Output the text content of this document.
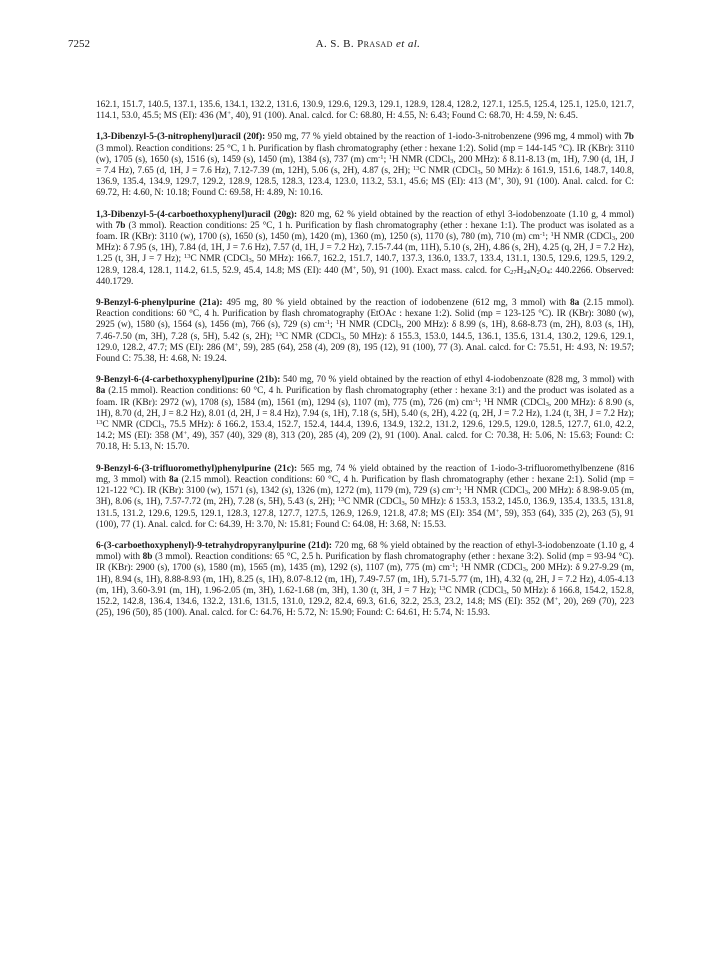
7252	A. S. B. Prasad et al.

162.1, 151.7, 140.5, 137.1, 135.6, 134.1, 132.2, 131.6, 130.9, 129.6, 129.3, 129.1, 128.9, 128.4, 128.2, 127.1, 125.5, 125.4, 125.1, 125.0, 121.7, 114.1, 53.0, 45.5; MS (EI): 436 (M+, 40), 91 (100). Anal. calcd. for C: 68.80, H: 4.55, N: 6.43; Found C: 68.70, H: 4.59, N: 6.45.

1,3-Dibenzyl-5-(3-nitrophenyl)uracil (20f): 950 mg, 77 % yield obtained by the reaction of 1-iodo-3-nitrobenzene (996 mg, 4 mmol) with 7b (3 mmol). Reaction conditions: 25 °C, 1 h. Purification by flash chromatography (ether : hexane 1:2). Solid (mp = 144-145 °C). IR (KBr): 3110 (w), 1705 (s), 1650 (s), 1516 (s), 1459 (s), 1450 (m), 1384 (s), 737 (m) $cm^{-1}$; $^1$H NMR (CDCl$_3$, 200 MHz): δ 8.11-8.13 (m, 1H), 7.90 (d, 1H, J = 7.4 Hz), 7.65 (d, 1H, J = 7.6 Hz), 7.12-7.39 (m, 12H), 5.06 (s, 2H), 4.87 (s, 2H); $^{13}$C NMR (CDCl$_3$, 50 MHz): δ 161.9, 151.6, 148.7, 140.8, 136.9, 135.4, 134.9, 129.7, 129.2, 128.9, 128.5, 128.3, 123.4, 123.0, 113.2, 53.1, 45.6; MS (EI): 413 (M+, 30), 91 (100). Anal. calcd. for C: 69.72, H: 4.60, N: 10.18; Found C: 69.58, H: 4.89, N: 10.16.

1,3-Dibenzyl-5-(4-carboethoxyphenyl)uracil (20g): 820 mg, 62 % yield obtained by the reaction of ethyl 3-iodobenzoate (1.10 g, 4 mmol) with 7b (3 mmol). Reaction conditions: 25 °C, 1 h. Purification by flash chromatography (ether : hexane 1:1). The product was isolated as a foam. IR (KBr): 3110 (w), 1700 (s), 1650 (s), 1450 (m), 1420 (m), 1360 (m), 1250 (s), 1170 (s), 780 (m), 710 (m) $cm^{-1}$; $^1$H NMR (CDCl$_3$, 200 MHz): δ 7.95 (s, 1H), 7.84 (d, 1H, J = 7.6 Hz), 7.57 (d, 1H, J = 7.2 Hz), 7.15-7.44 (m, 11H), 5.10 (s, 2H), 4.86 (s, 2H), 4.25 (q, 2H, J = 7.2 Hz), 1.25 (t, 3H, J = 7 Hz); $^{13}$C NMR (CDCl$_3$, 50 MHz): 166.7, 162.2, 151.7, 140.7, 137.3, 136.0, 133.7, 133.4, 131.1, 130.5, 129.6, 129.5, 129.2, 128.9, 128.4, 128.1, 114.2, 61.5, 52.9, 45.4, 14.8; MS (EI): 440 (M+, 50), 91 (100). Exact mass. calcd. for $C_{27}H_{24}N_2O_4$: 440.2266. Observed: 440.1729.

9-Benzyl-6-phenylpurine (21a): 495 mg, 80 % yield obtained by the reaction of iodobenzene (612 mg, 3 mmol) with 8a (2.15 mmol). Reaction conditions: 60 °C, 4 h. Purification by flash chromatography (EtOAc : hexane 1:2). Solid (mp = 123-125 °C). IR (KBr): 3080 (w), 2925 (w), 1580 (s), 1564 (s), 1456 (m), 766 (s), 729 (s) $cm^{-1}$; $^1$H NMR (CDCl$_3$, 200 MHz): δ 8.99 (s, 1H), 8.68-8.73 (m, 2H), 8.03 (s, 1H), 7.46-7.50 (m, 3H), 7.28 (s, 5H), 5.42 (s, 2H); $^{13}$C NMR (CDCl$_3$, 50 MHz): δ 155.3, 153.0, 144.5, 136.1, 135.6, 131.4, 130.2, 129.6, 129.1, 129.0, 128.2, 47.7; MS (EI): 286 (M+, 59), 285 (64), 258 (4), 209 (8), 195 (12), 91 (100), 77 (3). Anal. calcd. for C: 75.51, H: 4.93, N: 19.57; Found C: 75.38, H: 4.68, N: 19.24.

9-Benzyl-6-(4-carbethoxyphenyl)purine (21b): 540 mg, 70 % yield obtained by the reaction of ethyl 4-iodobenzoate (828 mg, 3 mmol) with 8a (2.15 mmol). Reaction conditions: 60 °C, 4 h. Purification by flash chromatography (ether : hexane 3:1) and the product was isolated as a foam. IR (KBr): 2972 (w), 1708 (s), 1584 (m), 1561 (m), 1294 (s), 1107 (m), 775 (m), 726 (m) $cm^{-1}$; $^1$H NMR (CDCl$_3$, 200 MHz): δ 8.90 (s, 1H), 8.70 (d, 2H, J = 8.2 Hz), 8.01 (d, 2H, J = 8.4 Hz), 7.94 (s, 1H), 7.18 (s, 5H), 5.40 (s, 2H), 4.22 (q, 2H, J = 7.2 Hz), 1.24 (t, 3H, J = 7.2 Hz); $^{13}$C NMR (CDCl$_3$, 75.5 MHz): δ 166.2, 153.4, 152.7, 152.4, 144.4, 139.6, 134.9, 132.2, 131.2, 129.6, 129.5, 129.0, 128.5, 127.7, 61.0, 42.2, 14.2; MS (EI): 358 (M+, 49), 357 (40), 329 (8), 313 (20), 285 (4), 209 (2), 91 (100). Anal. calcd. for C: 70.38, H: 5.06, N: 15.63; Found: C: 70.18, H: 5.13, N: 15.70.

9-Benzyl-6-(3-trifluoromethyl)phenylpurine (21c): 565 mg, 74 % yield obtained by the reaction of 1-iodo-3-trifluoromethylbenzene (816 mg, 3 mmol) with 8a (2.15 mmol). Reaction conditions: 60 °C, 4 h. Purification by flash chromatography (ether : hexane 2:1). Solid (mp = 121-122 °C). IR (KBr): 3100 (w), 1571 (s), 1342 (s), 1326 (m), 1272 (m), 1179 (m), 729 (s) $cm^{-1}$; $^1$H NMR (CDCl$_3$, 200 MHz): δ 8.98-9.05 (m, 3H), 8.06 (s, 1H), 7.57-7.72 (m, 2H), 7.28 (s, 5H), 5.43 (s, 2H); $^{13}$C NMR (CDCl$_3$, 50 MHz): δ 153.3, 153.2, 145.0, 136.9, 135.4, 133.5, 131.8, 131.5, 131.2, 129.6, 129.5, 129.1, 128.3, 127.8, 127.7, 127.5, 126.9, 126.9, 121.8, 47.8; MS (EI): 354 (M+, 59), 353 (64), 335 (2), 263 (5), 91 (100), 77 (1). Anal. calcd. for C: 64.39, H: 3.70, N: 15.81; Found C: 64.08, H: 3.68, N: 15.53.

6-(3-carboethoxyphenyl)-9-tetrahydropyranylpurine (21d): 720 mg, 68 % yield obtained by the reaction of ethyl-3-iodobenzoate (1.10 g, 4 mmol) with 8b (3 mmol). Reaction conditions: 65 °C, 2.5 h. Purification by flash chromatography (ether : hexane 3:2). Solid (mp = 93-94 °C). IR (KBr): 2900 (s), 1700 (s), 1580 (m), 1565 (m), 1435 (m), 1292 (s), 1107 (m), 775 (m) $cm^{-1}$; $^1$H NMR (CDCl$_3$, 200 MHz): δ 9.27-9.29 (m, 1H), 8.94 (s, 1H), 8.88-8.93 (m, 1H), 8.25 (s, 1H), 8.07-8.12 (m, 1H), 7.49-7.57 (m, 1H), 5.71-5.77 (m, 1H), 4.32 (q, 2H, J = 7.2 Hz), 4.05-4.13 (m, 1H), 3.60-3.91 (m, 1H), 1.96-2.05 (m, 3H), 1.62-1.68 (m, 3H), 1.30 (t, 3H, J = 7 Hz); $^{13}$C NMR (CDCl$_3$, 50 MHz): δ 166.8, 154.2, 152.8, 152.2, 142.8, 136.4, 134.6, 132.2, 131.6, 131.5, 131.0, 129.2, 82.4, 69.3, 61.6, 32.2, 25.3, 23.2, 14.8; MS (EI): 352 (M+, 20), 269 (70), 223 (25), 196 (50), 85 (100). Anal. calcd. for C: 64.76, H: 5.72, N: 15.90; Found: C: 64.61, H: 5.74, N: 15.93.
